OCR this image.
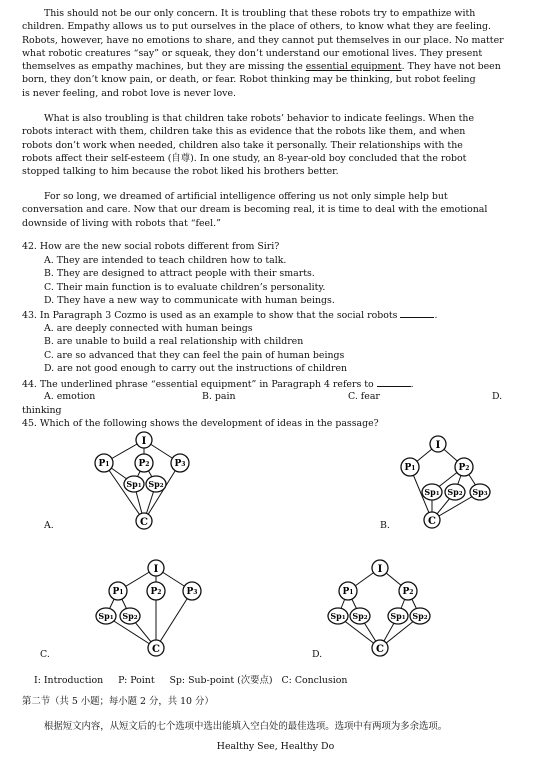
This should not be our only concern. It is troubling that these robots try to empathize with
children. Empathy allows us to put ourselves in the place of others, to know what they are feeling.
Robots, however, have no emotions to share, and they cannot put themselves in our place. No matter
what robotic creatures “say” or squeak, they don’t understand our emotional lives. They present
themselves as empathy machines, but they are missing the essential equipment. They have not been
born, they don’t know pain, or death, or fear. Robot thinking may be thinking, but robot feeling
is never feeling, and robot love is never love.

What is also troubling is that children take robots’ behavior to indicate feelings. When the
robots interact with them, children take this as evidence that the robots like them, and when
robots don’t work when needed, children also take it personally. Their relationships with the
robots affect their self-esteem (自尊). In one study, an 8-year-old boy concluded that the robot
stopped talking to him because the robot liked his brothers better.

For so long, we dreamed of artificial intelligence offering us not only simple help but
conversation and care. Now that our dream is becoming real, it is time to deal with the emotional
downside of living with robots that “feel.”

42. How are the new social robots different from Siri?
A. They are intended to teach children how to talk.
B. They are designed to attract people with their smarts.
C. Their main function is to evaluate children’s personality.
D. They have a new way to communicate with human beings.
43. In Paragraph 3 Cozmo is used as an example to show that the social robots	.
A. are deeply connected with human beings
B. are unable to build a real relationship with children
C. are so advanced that they can feel the pain of human beings
D. are not good enough to carry out the instructions of children
44. The underlined phrase “essential equipment” in Paragraph 4 refers to	.
A. emotion	B. pain	C. fear	D.
thinking
45. Which of the following shows the development of ideas in the passage?
I
P1	P2	P3
Sp1 Sp2
C
A.
I
P1	P2
Sp1 Sp2 Sp3
C
B.
I
P1	P2	P3
Sp1 Sp2
C
C.
I
P1	P2
Sp1 Sp2	Sp1 Sp2
C
D.
I: Introduction     P: Point     Sp: Sub-point (次要点)   C: Conclusion
第二节（共 5 小题；每小题 2 分，共 10 分）
根据短文内容，从短文后的七个选项中选出能填入空白处的最佳选项。选项中有两项为多余选项。
Healthy See, Healthy Do
